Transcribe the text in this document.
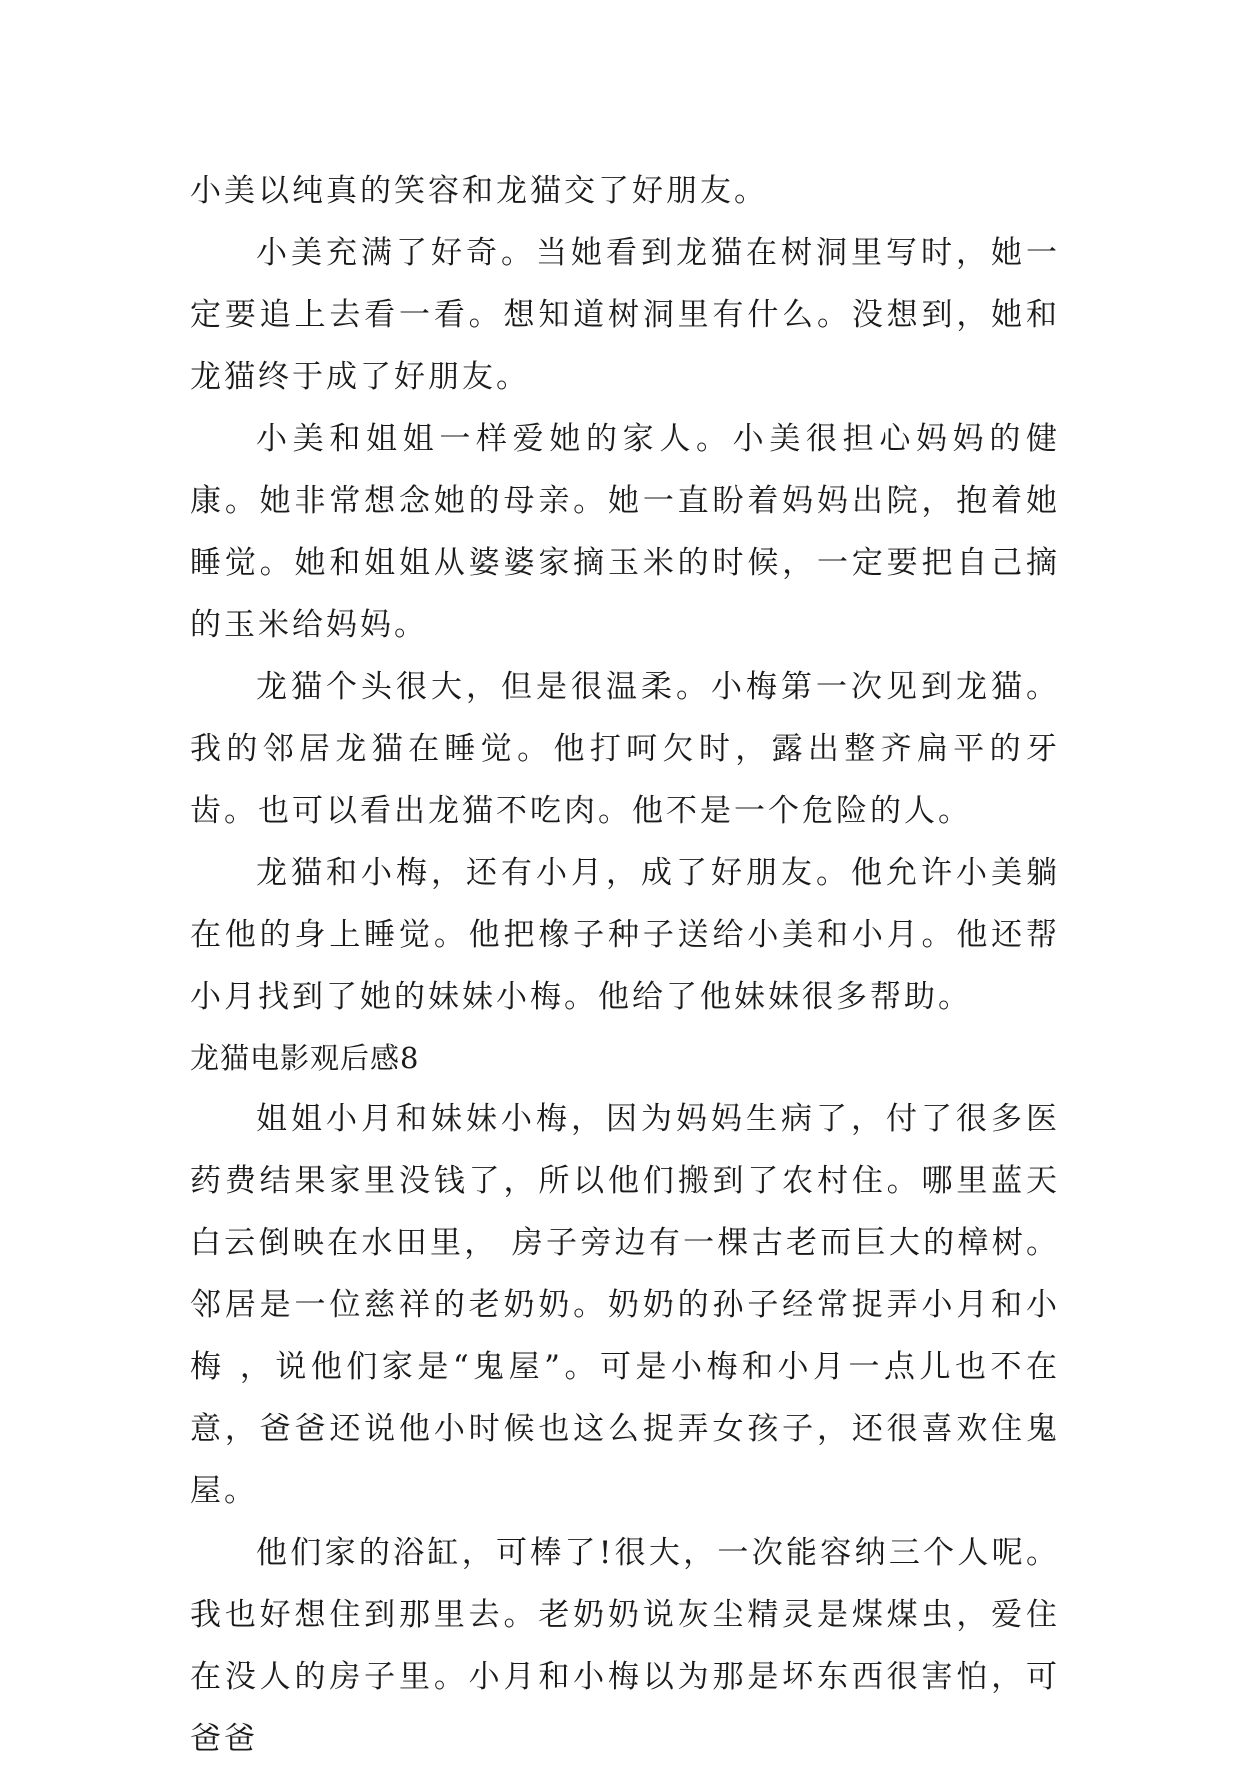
小美以纯真的笑容和龙猫交了好朋友。

小美充满了好奇。当她看到龙猫在树洞里写时，她一定要追上去看一看。想知道树洞里有什么。没想到，她和龙猫终于成了好朋友。

小美和姐姐一样爱她的家人。小美很担心妈妈的健康。她非常想念她的母亲。她一直盼着妈妈出院，抱着她睡觉。她和姐姐从婆婆家摘玉米的时候，一定要把自己摘的玉米给妈妈。

龙猫个头很大，但是很温柔。小梅第一次见到龙猫。我的邻居龙猫在睡觉。他打呵欠时，露出整齐扁平的牙齿。也可以看出龙猫不吃肉。他不是一个危险的人。

龙猫和小梅，还有小月，成了好朋友。他允许小美躺在他的身上睡觉。他把橡子种子送给小美和小月。他还帮小月找到了她的妹妹小梅。他给了他妹妹很多帮助。

龙猫电影观后感8

姐姐小月和妹妹小梅，因为妈妈生病了，付了很多医药费结果家里没钱了，所以他们搬到了农村住。哪里蓝天白云倒映在水田里， 房子旁边有一棵古老而巨大的樟树。邻居是一位慈祥的老奶奶。奶奶的孙子经常捉弄小月和小梅 ，说他们家是“鬼屋”。可是小梅和小月一点儿也不在意，爸爸还说他小时候也这么捉弄女孩子，还很喜欢住鬼屋。

他们家的浴缸，可棒了!很大，一次能容纳三个人呢。我也好想住到那里去。老奶奶说灰尘精灵是煤煤虫，爱住在没人的房子里。小月和小梅以为那是坏东西很害怕，可爸爸
